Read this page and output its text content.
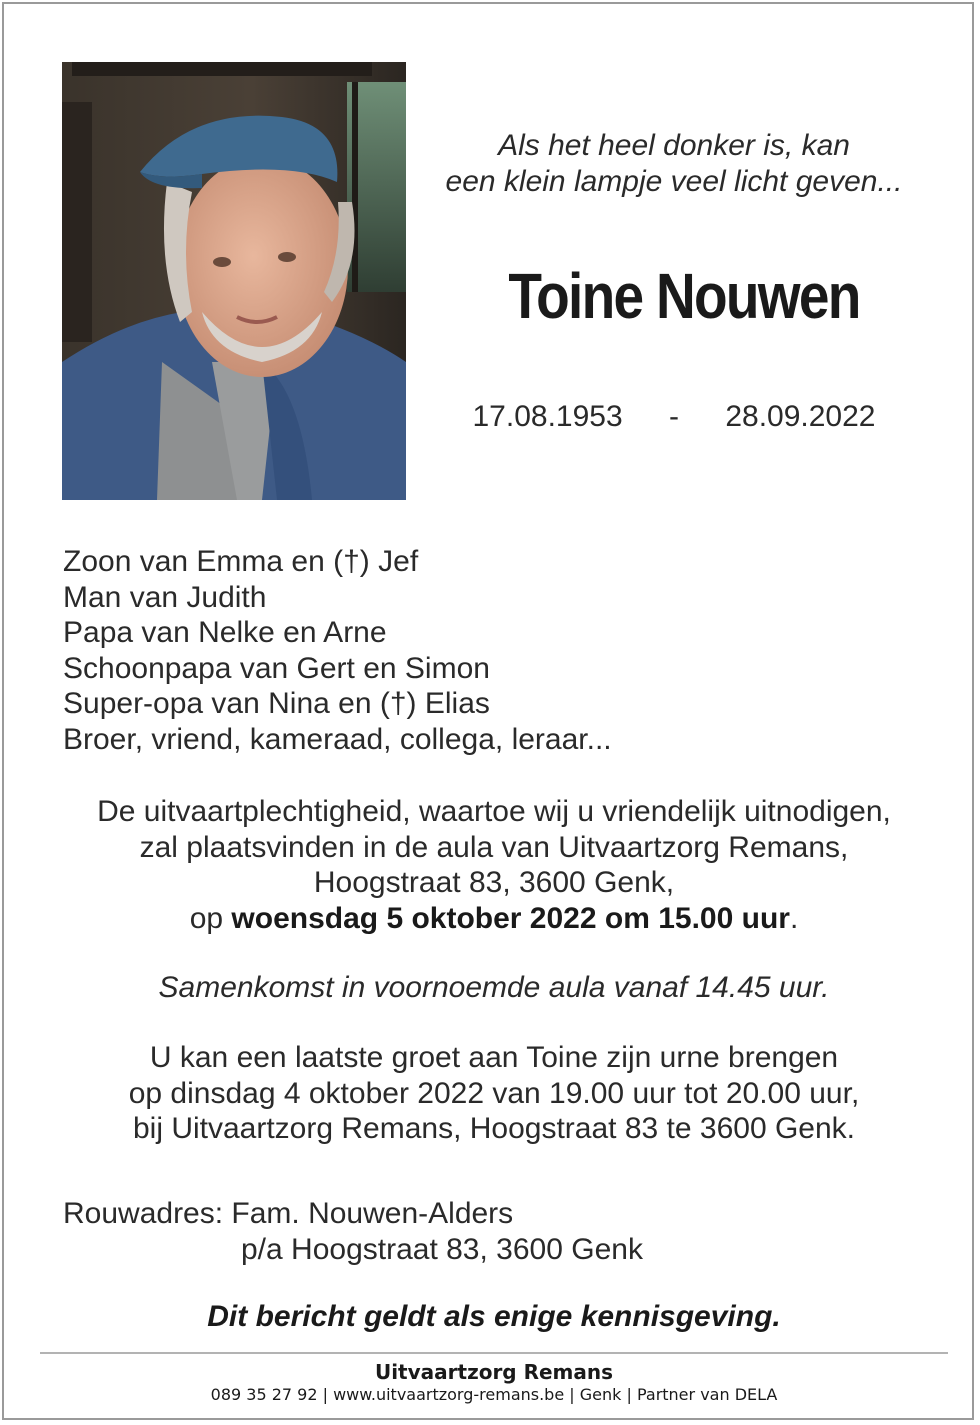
Als het heel donker is, kan
een klein lampje veel licht geven...
Toine Nouwen
17.08.1953 - 28.09.2022
Zoon van Emma en (†) Jef
Man van Judith
Papa van Nelke en Arne
Schoonpapa van Gert en Simon
Super-opa van Nina en (†) Elias
Broer, vriend, kameraad, collega, leraar...
De uitvaartplechtigheid, waartoe wij u vriendelijk uitnodigen,
zal plaatsvinden in de aula van Uitvaartzorg Remans,
Hoogstraat 83, 3600 Genk,
op woensdag 5 oktober 2022 om 15.00 uur.
Samenkomst in voornoemde aula vanaf 14.45 uur.
U kan een laatste groet aan Toine zijn urne brengen
op dinsdag 4 oktober 2022 van 19.00 uur tot 20.00 uur,
bij Uitvaartzorg Remans, Hoogstraat 83 te 3600 Genk.
Rouwadres: Fam. Nouwen-Alders
p/a Hoogstraat 83, 3600 Genk
Dit bericht geldt als enige kennisgeving.
Uitvaartzorg Remans
089 35 27 92 | www.uitvaartzorg-remans.be | Genk | Partner van DELA
